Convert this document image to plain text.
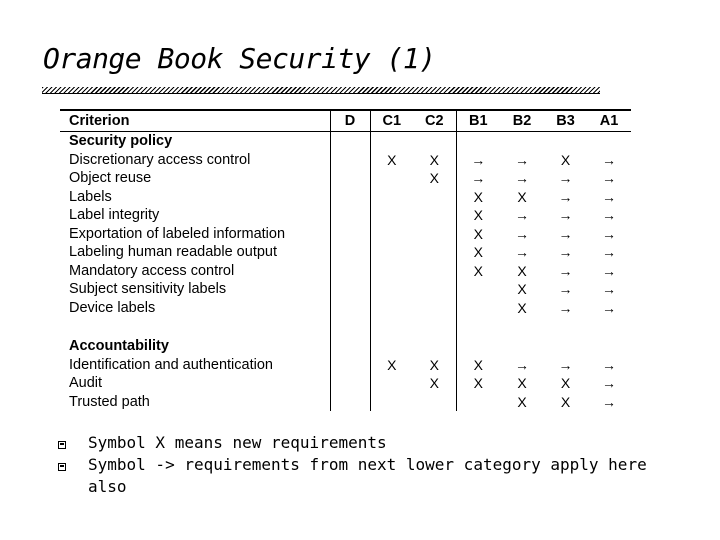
Orange Book Security (1)
Criterion	D	C1	C2	B1	B2	B3	A1
Security policy							
Discretionary access control		X	X	→	→	X	→
Object reuse			X	→	→	→	→
Labels				X	X	→	→
Label integrity				X	→	→	→
Exportation of labeled information				X	→	→	→
Labeling human readable output				X	→	→	→
Mandatory access control				X	X	→	→
Subject sensitivity labels					X	→	→
Device labels					X	→	→

Accountability							
Identification and authentication		X	X	X	→	→	→
Audit			X	X	X	X	→
Trusted path					X	X	→
Symbol X means new requirements
Symbol -> requirements from next lower category apply here also
